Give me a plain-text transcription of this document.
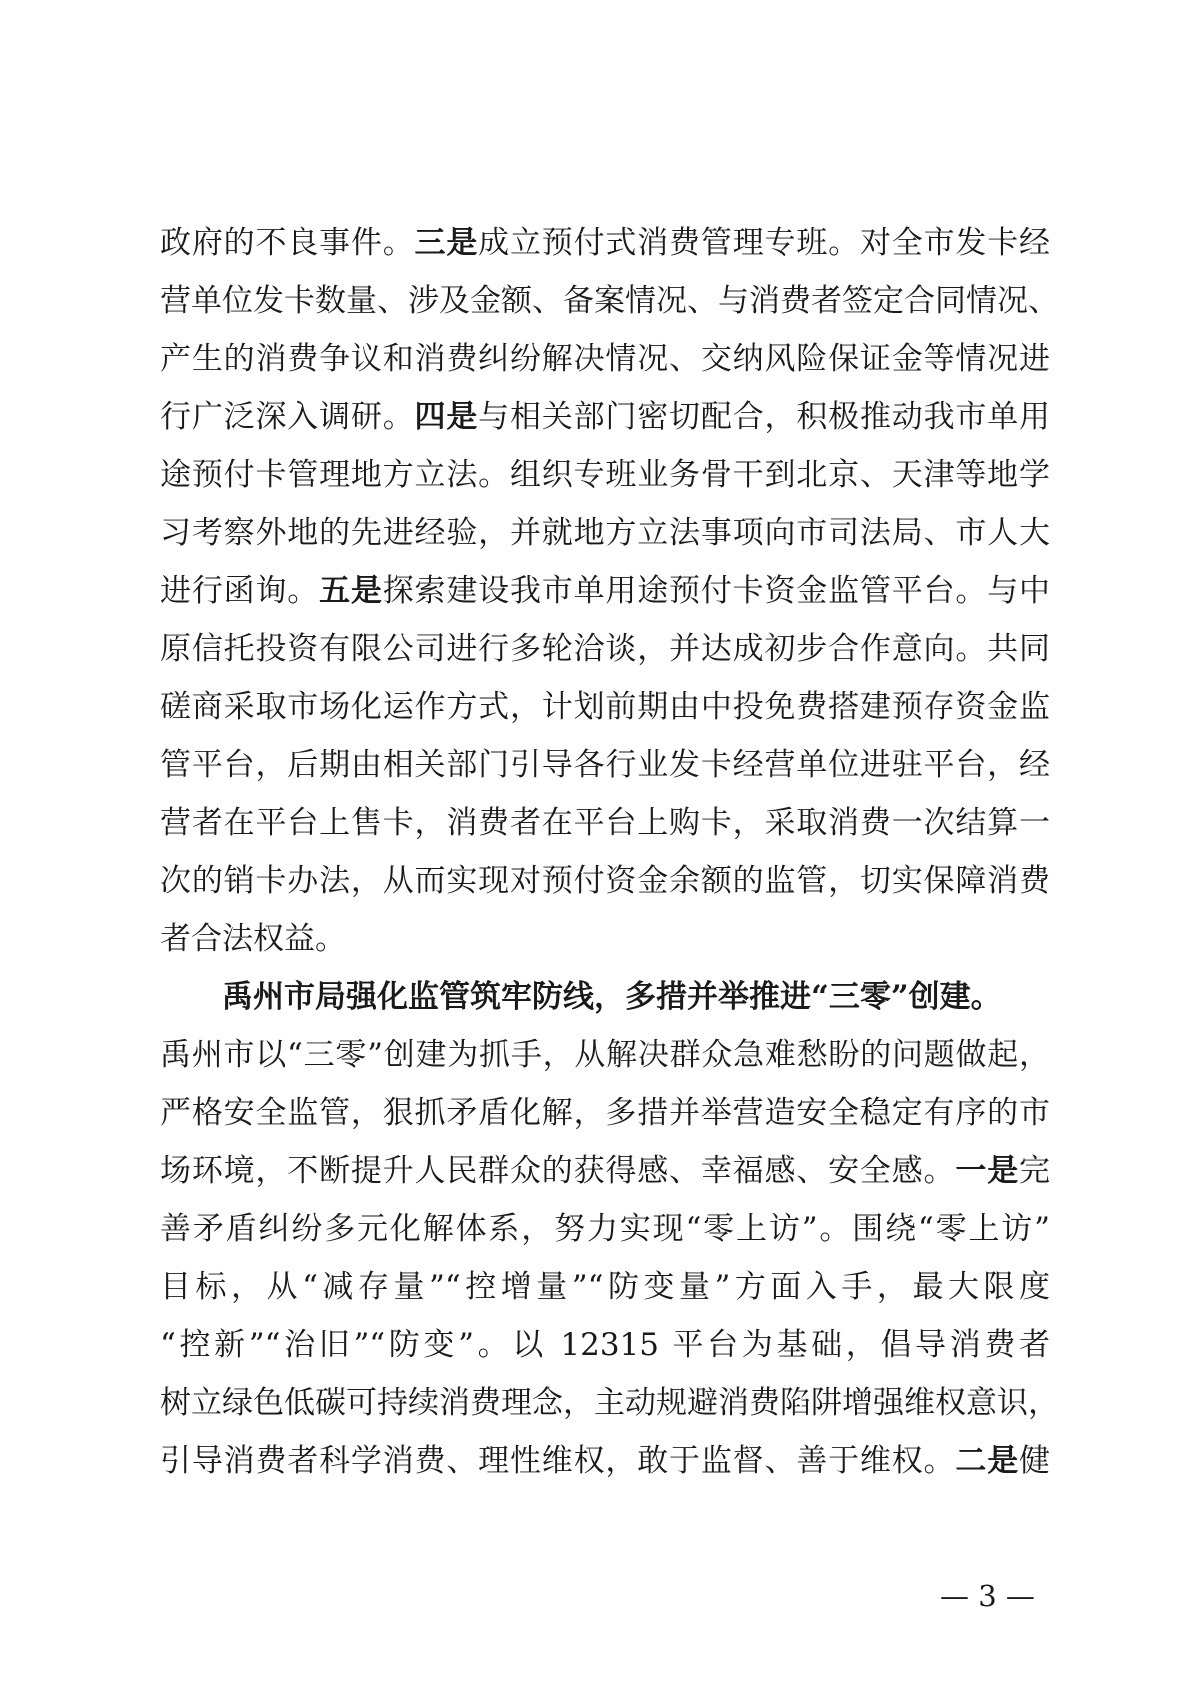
政府的不良事件。三是成立预付式消费管理专班。对全市发卡经
营单位发卡数量、涉及金额、备案情况、与消费者签定合同情况、
产生的消费争议和消费纠纷解决情况、交纳风险保证金等情况进
行广泛深入调研。四是与相关部门密切配合，积极推动我市单用
途预付卡管理地方立法。组织专班业务骨干到北京、天津等地学
习考察外地的先进经验，并就地方立法事项向市司法局、市人大
进行函询。五是探索建设我市单用途预付卡资金监管平台。与中
原信托投资有限公司进行多轮洽谈，并达成初步合作意向。共同
磋商采取市场化运作方式，计划前期由中投免费搭建预存资金监
管平台，后期由相关部门引导各行业发卡经营单位进驻平台，经
营者在平台上售卡，消费者在平台上购卡，采取消费一次结算一
次的销卡办法，从而实现对预付资金余额的监管，切实保障消费
者合法权益。
禹州市局强化监管筑牢防线，多措并举推进“三零”创建。
禹州市以“三零”创建为抓手，从解决群众急难愁盼的问题做起，
严格安全监管，狠抓矛盾化解，多措并举营造安全稳定有序的市
场环境，不断提升人民群众的获得感、幸福感、安全感。一是完
善矛盾纠纷多元化解体系，努力实现“零上访”。围绕“零上访”
目标，从“减存量”“控增量”“防变量”方面入手，最大限度
“控新”“治旧”“防变”。以 12315 平台为基础，倡导消费者
树立绿色低碳可持续消费理念，主动规避消费陷阱增强维权意识，
引导消费者科学消费、理性维权，敢于监督、善于维权。二是健
— 3 —
